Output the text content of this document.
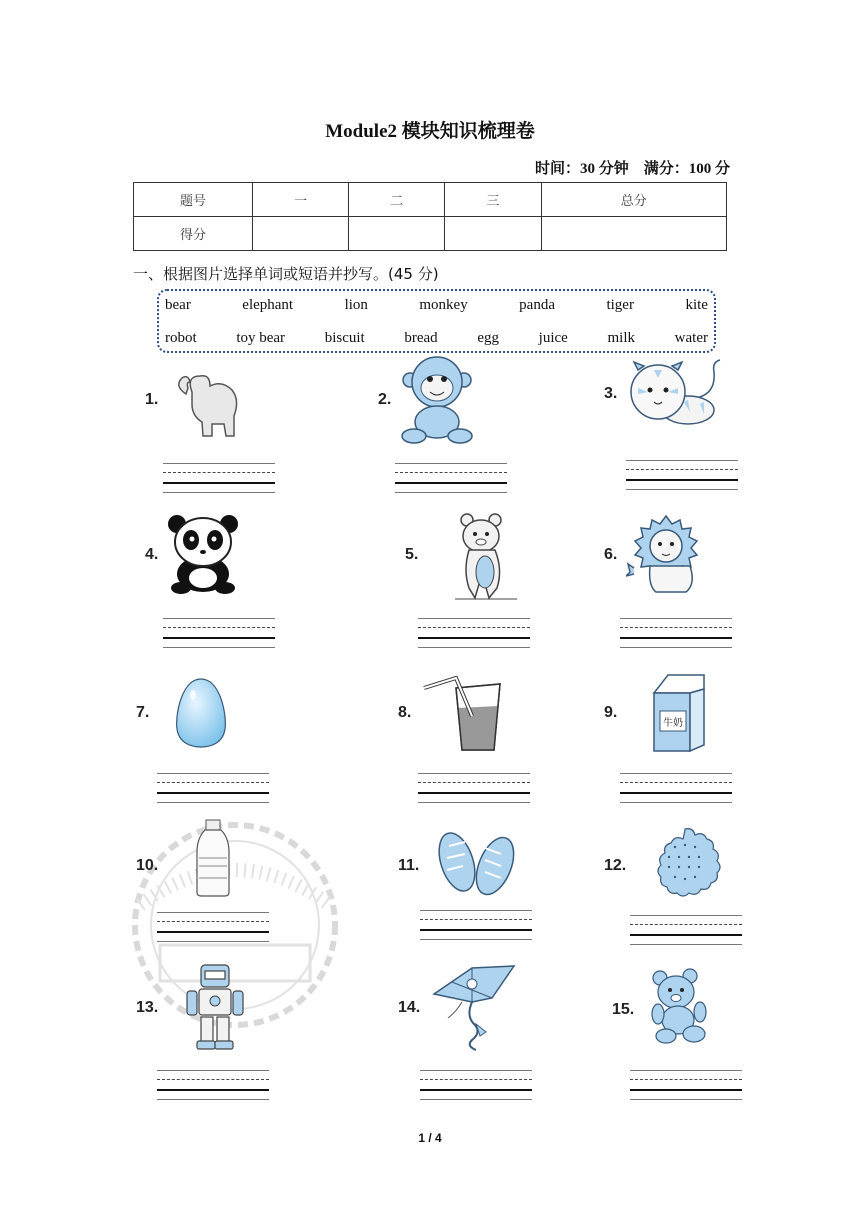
Module2 模块知识梳理卷
时间：30 分钟　满分：100 分
题号	一	二	三	总分
得分				
一、根据图片选择单词或短语并抄写。(45 分)
bear	elephant	lion	monkey	panda	tiger	kite
robot	toy bear	biscuit	bread	egg	juice	milk	water
1.	2.	3.
4.	5.	6.
7.	8.	9.
牛奶
10.	11.	12.
13.	14.	15.
1 / 4
